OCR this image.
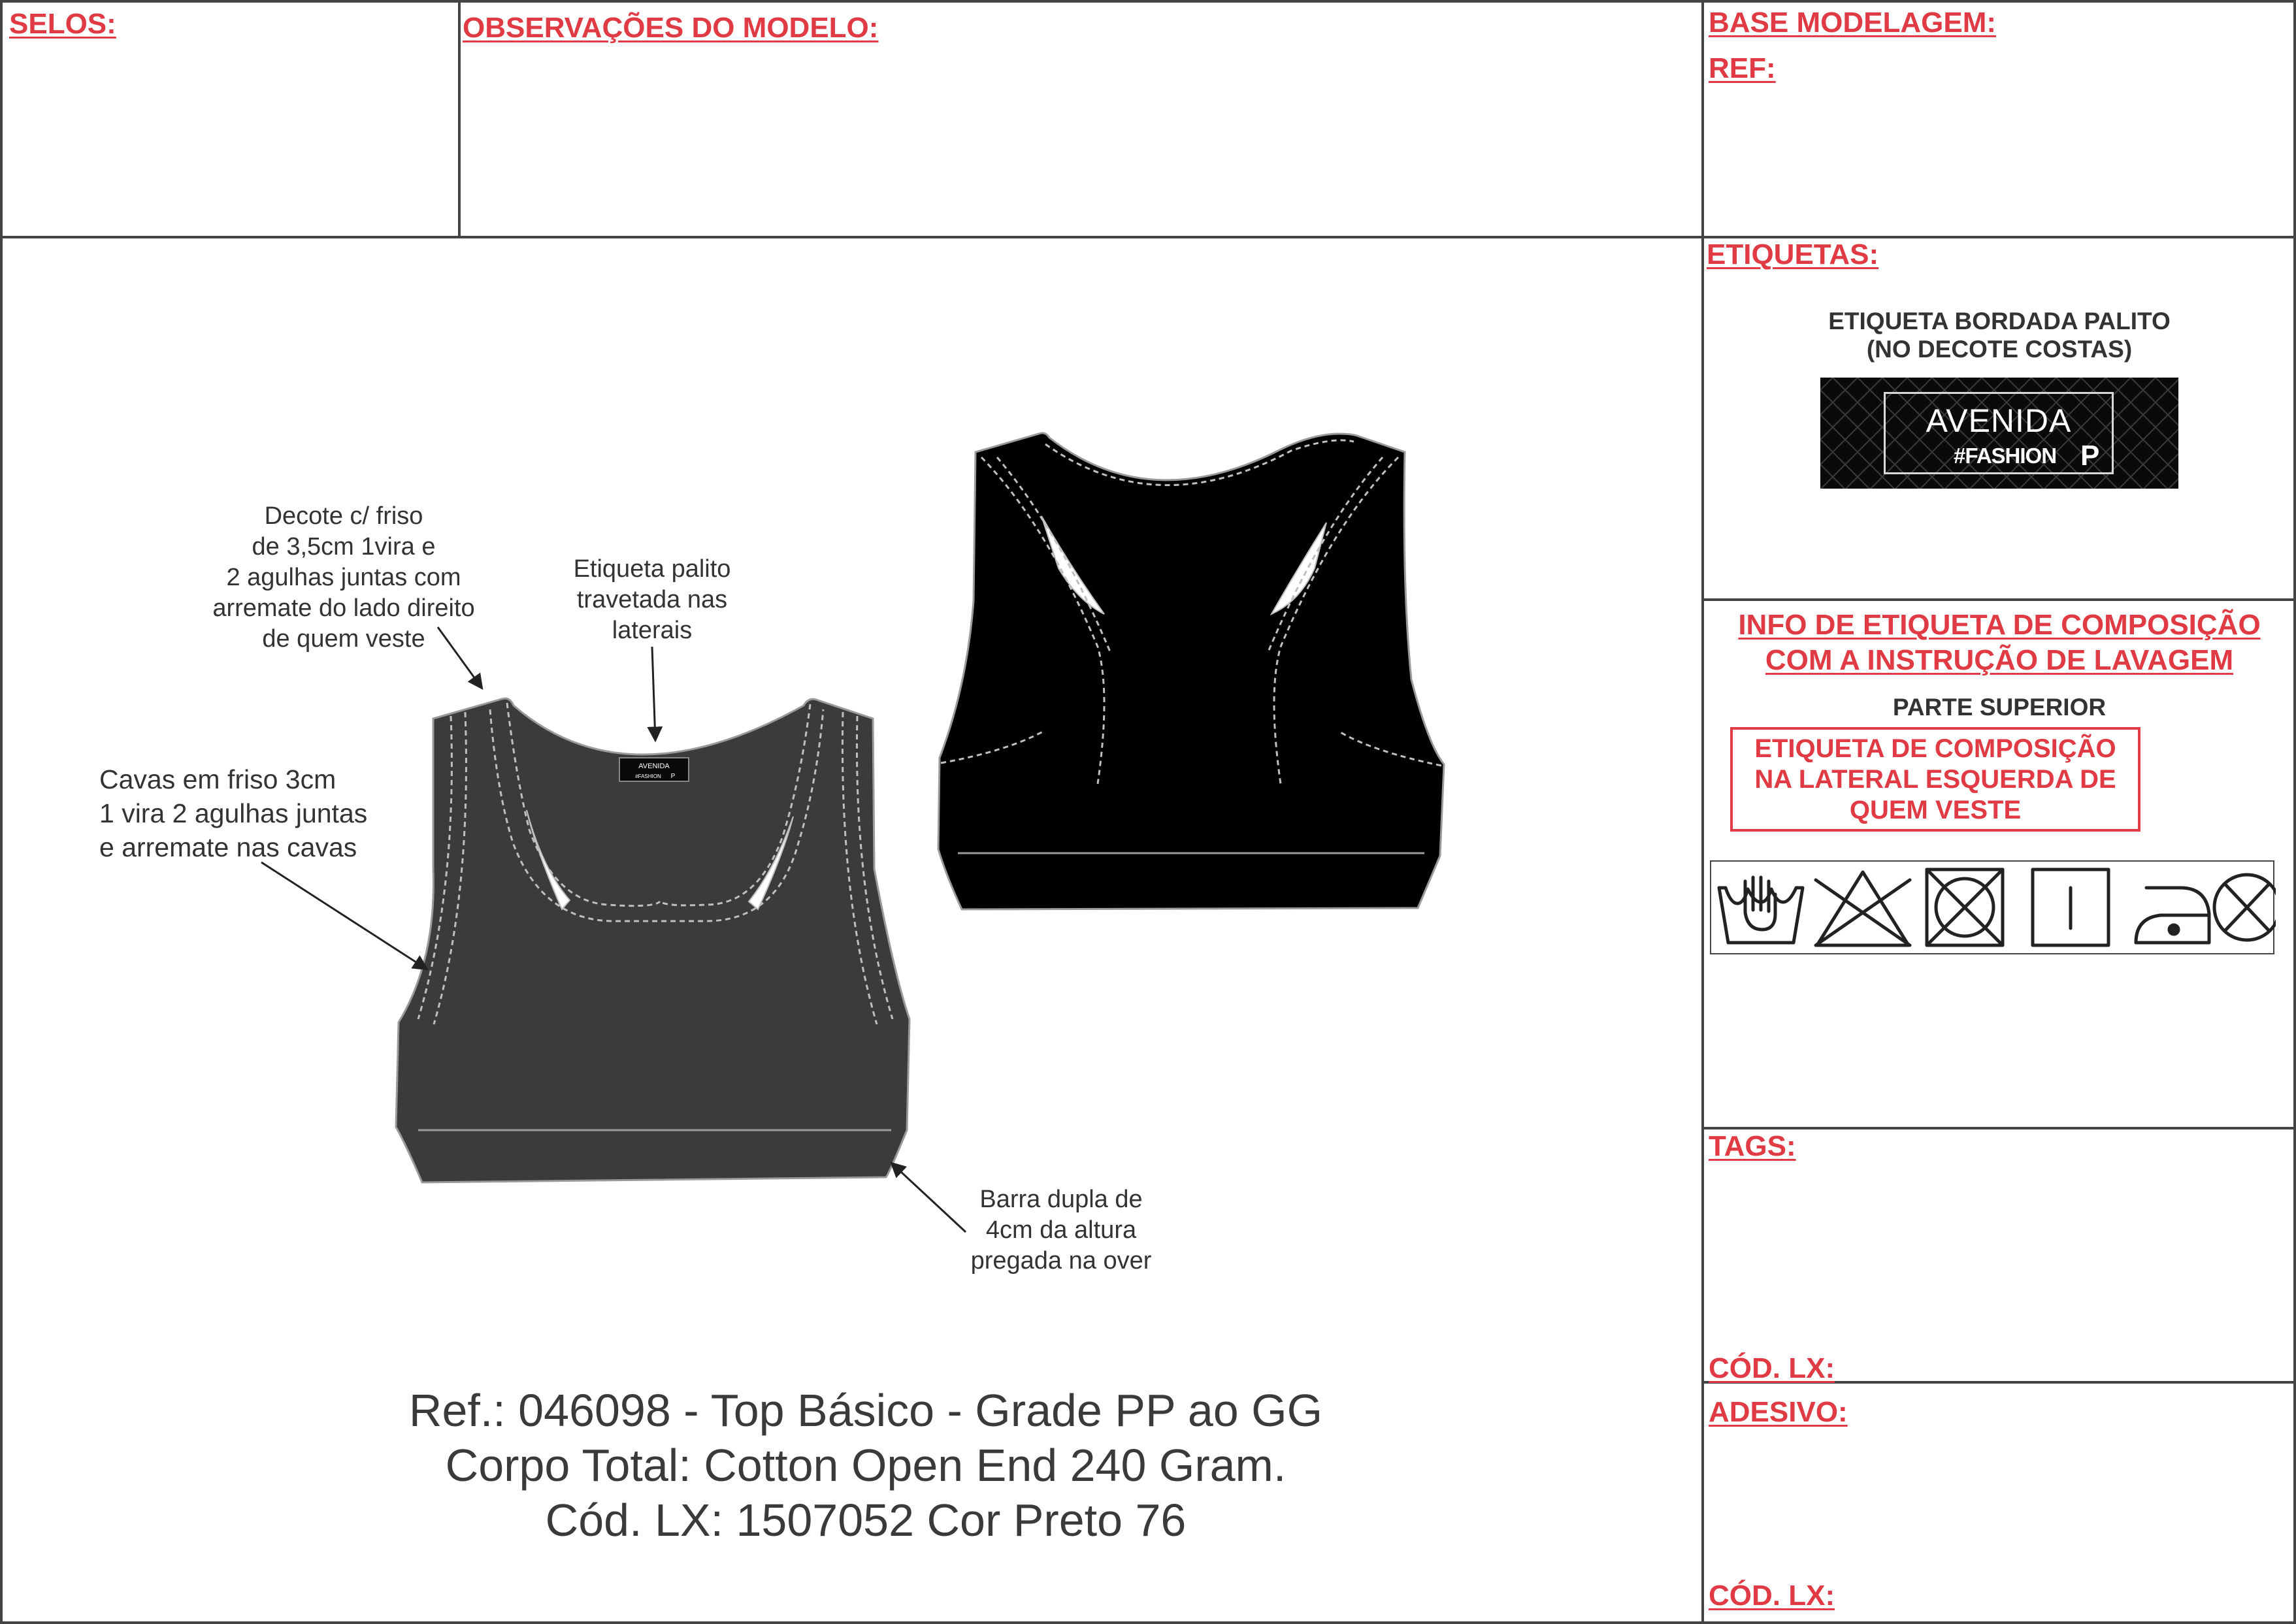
SELOS:	OBSERVAÇÕES DO MODELO:	BASE MODELAGEM:
REF:
ETIQUETAS:
TAGS:
CÓD. LX:
ADESIVO:
CÓD. LX:
ETIQUETA BORDADA PALITO
(NO DECOTE COSTAS)
AVENIDA
#FASHION P
INFO DE ETIQUETA DE COMPOSIÇÃO
COM A INSTRUÇÃO DE LAVAGEM
PARTE SUPERIOR
ETIQUETA DE COMPOSIÇÃO NA LATERAL ESQUERDA DE QUEM VESTE
AVENIDA
#FASHION P
Decote c/ friso
de 3,5cm 1vira e
2 agulhas juntas com
arremate do lado direito
de quem veste
Etiqueta palito
travetada nas
laterais
Cavas em friso 3cm
1 vira 2 agulhas juntas
e arremate nas cavas
Barra dupla de
4cm da altura
pregada na over
Ref.: 046098 - Top Básico - Grade PP ao GG
Corpo Total: Cotton Open End 240 Gram.
Cód. LX: 1507052 Cor Preto 76
